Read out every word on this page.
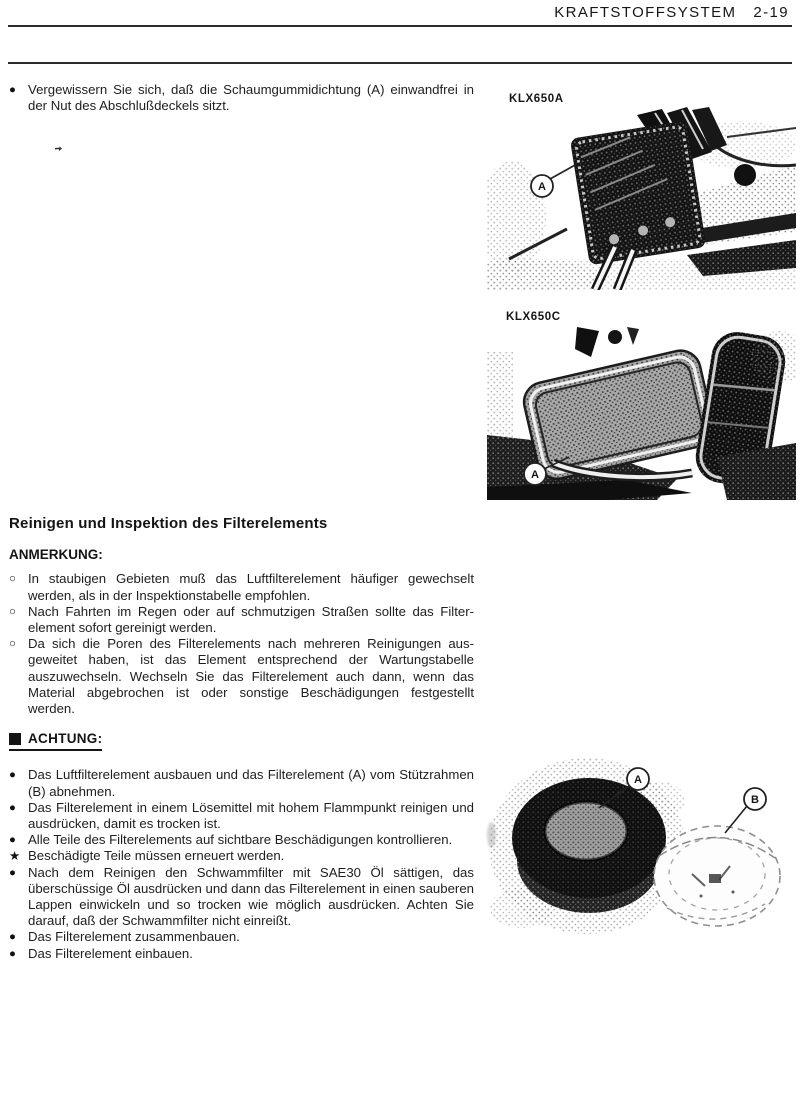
KRAFTSTOFFSYSTEM 2-19
● Vergewissern Sie sich, daß die Schaumgummidichtung (A) einwandfrei in der Nut des Abschlußdeckels sitzt.	KLX650A
A
KLX650C
A
A
B
Reinigen und Inspektion des Filterelements
ANMERKUNG:
○ In staubigen Gebieten muß das Luftfilterelement häufiger gewechselt werden, als in der Inspektionstabelle empfohlen.
○ Nach Fahrten im Regen oder auf schmutzigen Straßen sollte das Filterelement sofort gereinigt werden.
○ Da sich die Poren des Filterelements nach mehreren Reinigungen ausgeweitet haben, ist das Element entsprechend der Wartungstabelle auszuwechseln. Wechseln Sie das Filterelement auch dann, wenn das Material abgebrochen ist oder sonstige Beschädigungen festgestellt werden.
ACHTUNG:

● Das Luftfilterelement ausbauen und das Filterelement (A) vom Stützrahmen (B) abnehmen.
● Das Filterelement in einem Lösemittel mit hohem Flammpunkt reinigen und ausdrücken, damit es trocken ist.
● Alle Teile des Filterelements auf sichtbare Beschädigungen kontrollieren.
★ Beschädigte Teile müssen erneuert werden.
● Nach dem Reinigen den Schwammfilter mit SAE30 Öl sättigen, das überschüssige Öl ausdrücken und dann das Filterelement in einen sauberen Lappen einwickeln und so trocken wie möglich ausdrücken. Achten Sie darauf, daß der Schwammfilter nicht einreißt.
● Das Filterelement zusammenbauen.
● Das Filterelement einbauen.
